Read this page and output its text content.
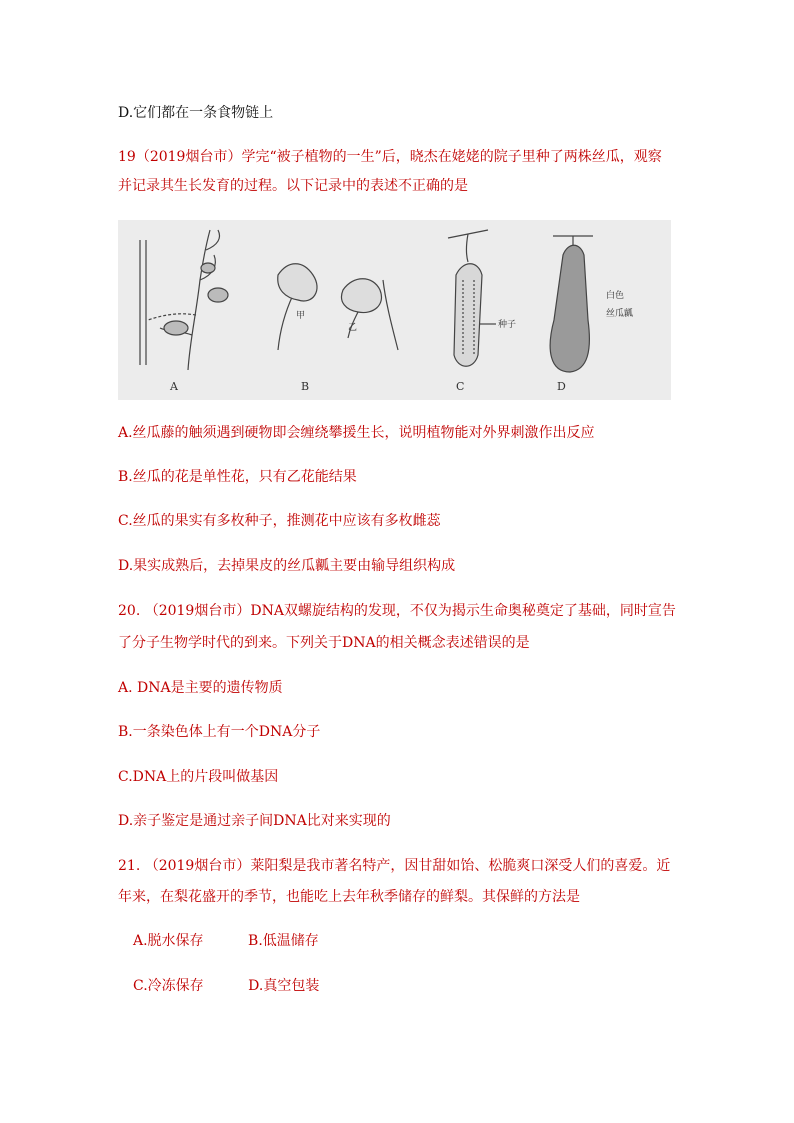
D.它们都在一条食物链上
19（2019烟台市）学完“被子植物的一生”后，晓杰在姥姥的院子里种了两株丝瓜，观察
并记录其生长发育的过程。以下记录中的表述不正确的是
甲
乙	种子
白色
丝瓜瓤
A	B	C	D
A.丝瓜藤的触须遇到硬物即会缠绕攀援生长，说明植物能对外界刺激作出反应
B.丝瓜的花是单性花，只有乙花能结果
C.丝瓜的果实有多枚种子，推测花中应该有多枚雌蕊
D.果实成熟后，去掉果皮的丝瓜瓤主要由输导组织构成
20. （2019烟台市）DNA双螺旋结构的发现，不仅为揭示生命奥秘奠定了基础，同时宣告
了分子生物学时代的到来。下列关于DNA的相关概念表述错误的是
A. DNA是主要的遗传物质
B.一条染色体上有一个DNA分子
C.DNA上的片段叫做基因
D.亲子鉴定是通过亲子间DNA比对来实现的
21. （2019烟台市）莱阳梨是我市著名特产，因甘甜如饴、松脆爽口深受人们的喜爱。近
年来，在梨花盛开的季节，也能吃上去年秋季储存的鲜梨。其保鲜的方法是
A.脱水保存          B.低温储存
C.冷冻保存          D.真空包装
